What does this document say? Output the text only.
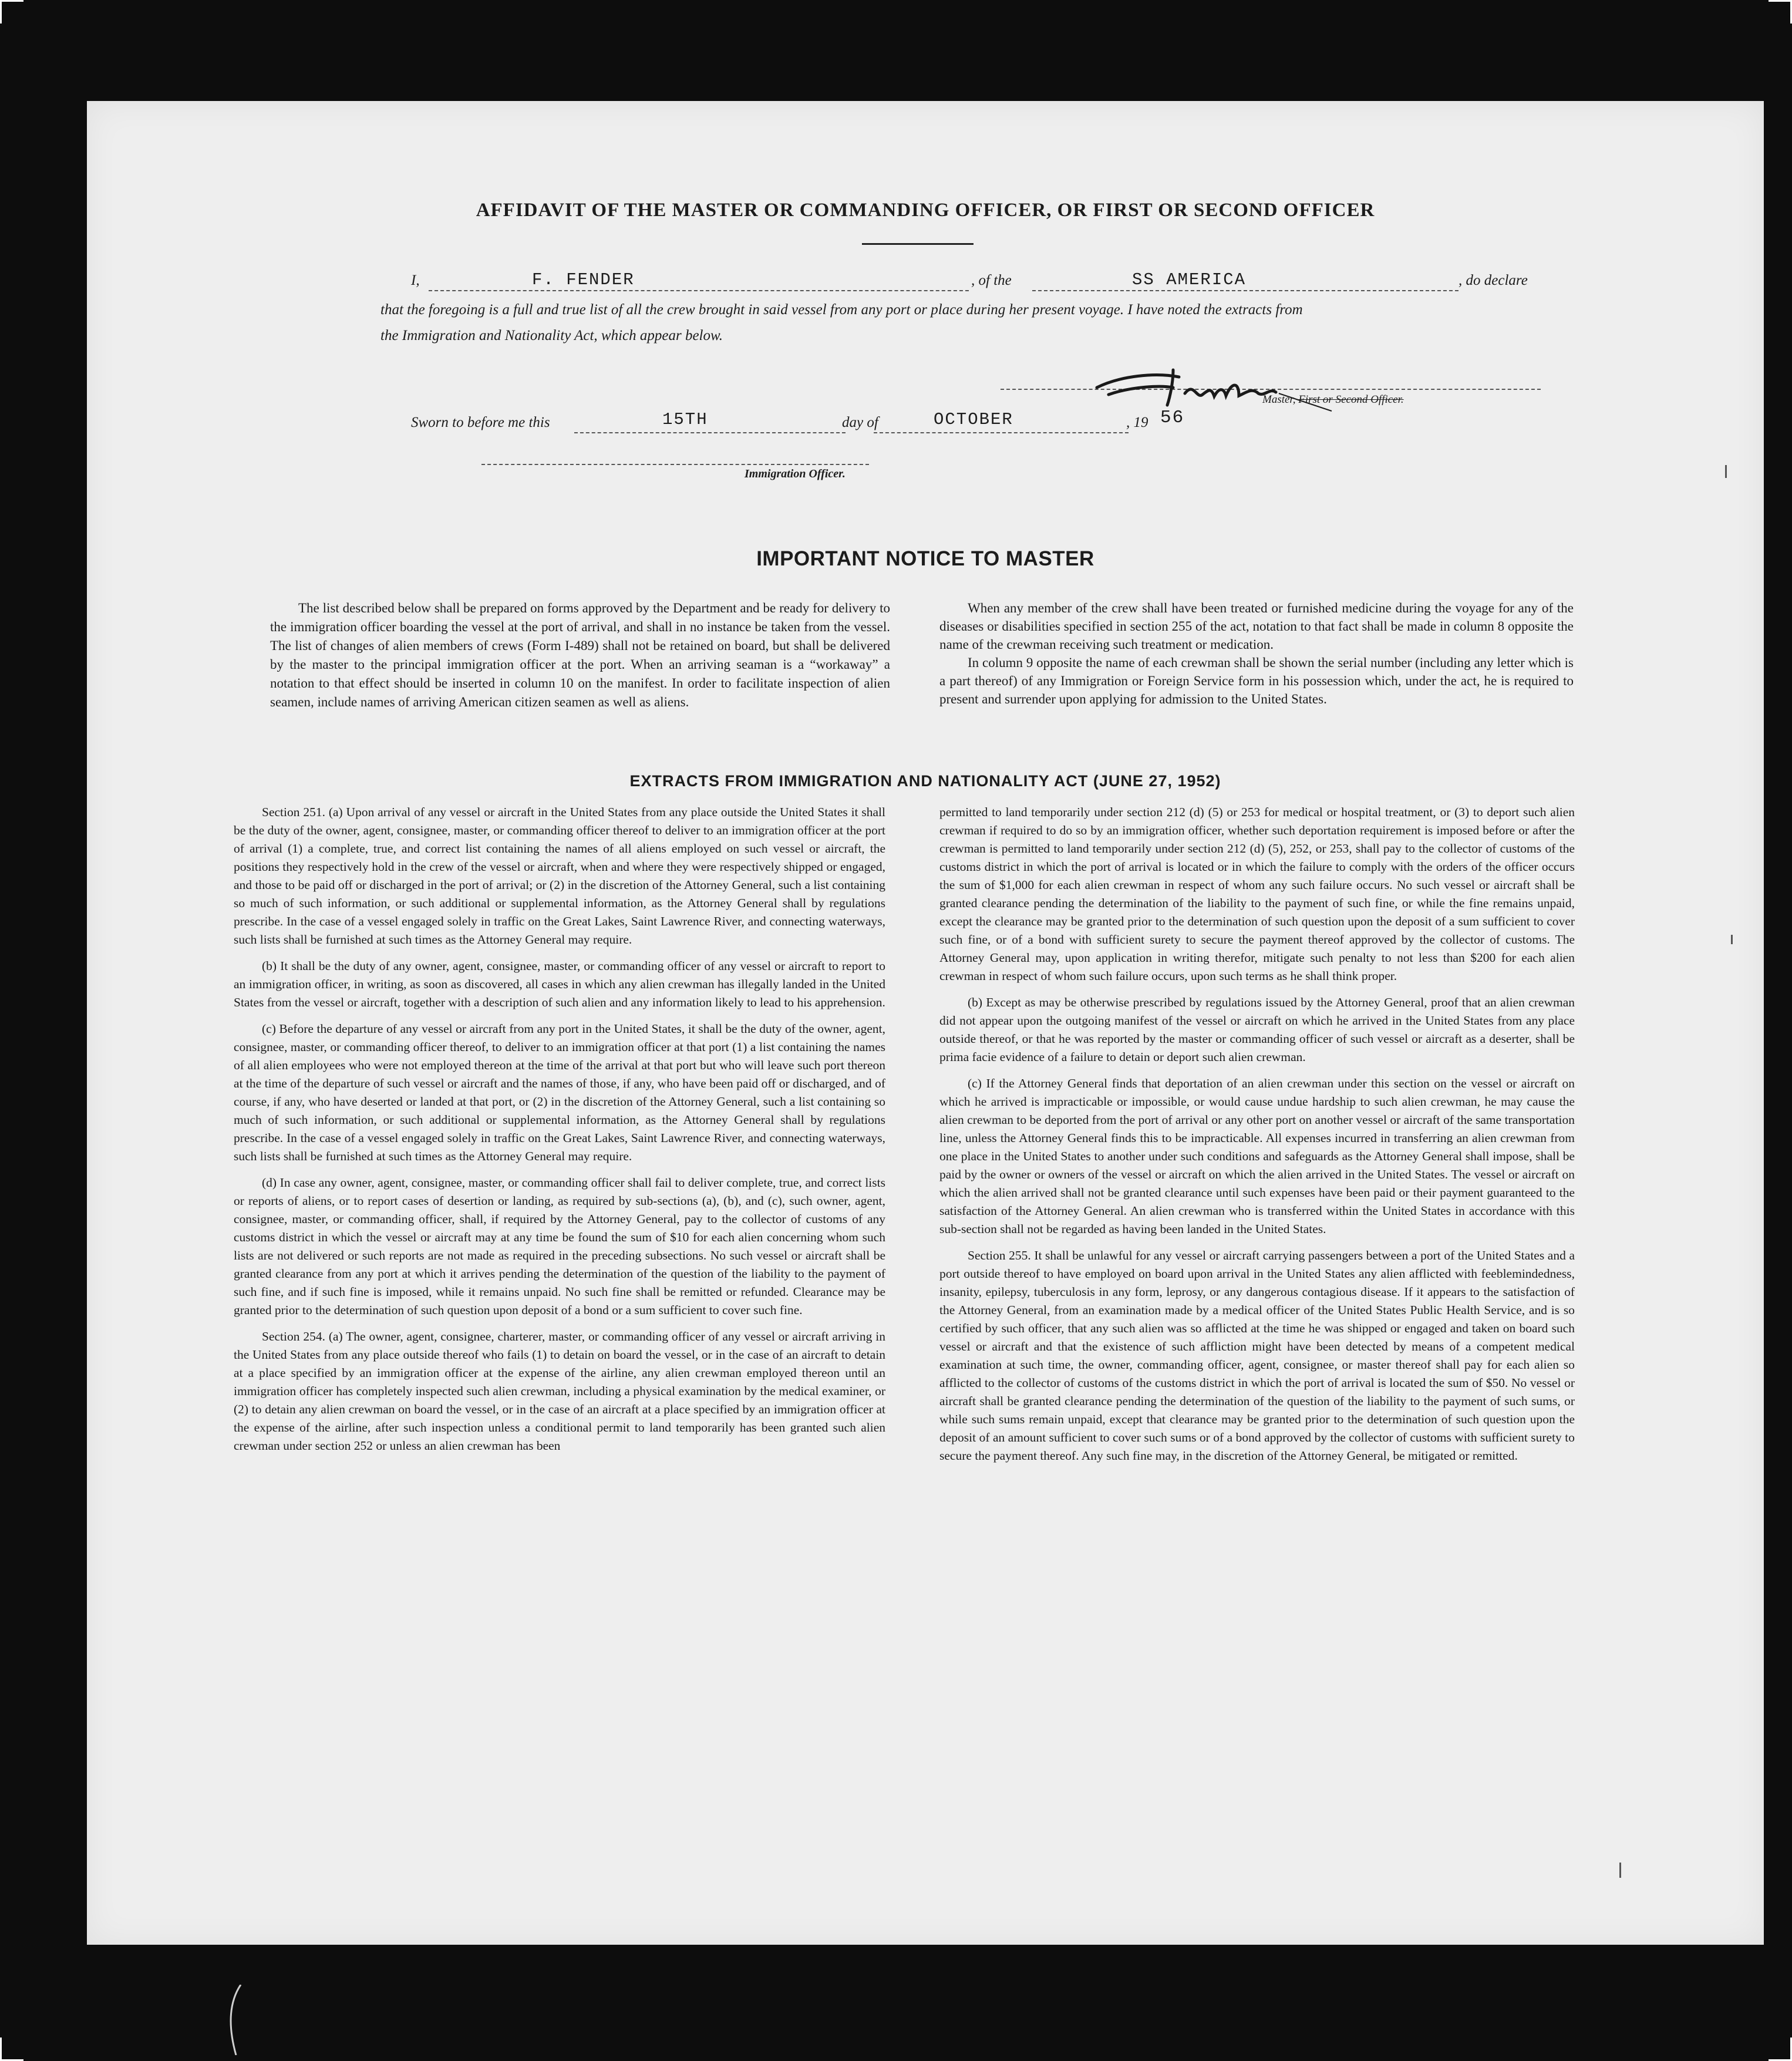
AFFIDAVIT OF THE MASTER OR COMMANDING OFFICER, OR FIRST OR SECOND OFFICER
I,	F. FENDER	, of the	SS AMERICA	, do declare
that the foregoing is a full and true list of all the crew brought in said vessel from any port or place during her present voyage. I have noted the extracts from
the Immigration and Nationality Act, which appear below.
Master, First or Second Officer.
Sworn to before me this	15TH	day of	OCTOBER	, 19 56
Immigration Officer.
IMPORTANT NOTICE TO MASTER

The list described below shall be prepared on forms approved by the Department and be ready for delivery to the immigration officer boarding the vessel at the port of arrival, and shall in no instance be taken from the vessel. The list of changes of alien members of crews (Form I-489) shall not be retained on board, but shall be delivered by the master to the principal immigration officer at the port. When an arriving seaman is a “workaway” a notation to that effect should be inserted in column 10 on the manifest. In order to facilitate inspection of alien seamen, include names of arriving American citizen seamen as well as aliens.

When any member of the crew shall have been treated or furnished medicine during the voyage for any of the diseases or disabilities specified in section 255 of the act, notation to that fact shall be made in column 8 opposite the name of the crewman receiving such treatment or medication.

In column 9 opposite the name of each crewman shall be shown the serial number (including any letter which is a part thereof) of any Immigration or Foreign Service form in his possession which, under the act, he is required to present and surrender upon applying for admission to the United States.

EXTRACTS FROM IMMIGRATION AND NATIONALITY ACT (JUNE 27, 1952)

Section 251. (a) Upon arrival of any vessel or aircraft in the United States from any place outside the United States it shall be the duty of the owner, agent, consignee, master, or commanding officer thereof to deliver to an immigration officer at the port of arrival (1) a complete, true, and correct list containing the names of all aliens employed on such vessel or aircraft, the positions they respectively hold in the crew of the vessel or aircraft, when and where they were respectively shipped or engaged, and those to be paid off or discharged in the port of arrival; or (2) in the discretion of the Attorney General, such a list containing so much of such information, or such additional or supplemental information, as the Attorney General shall by regulations prescribe. In the case of a vessel engaged solely in traffic on the Great Lakes, Saint Lawrence River, and connecting waterways, such lists shall be furnished at such times as the Attorney General may require.

(b) It shall be the duty of any owner, agent, consignee, master, or commanding officer of any vessel or aircraft to report to an immigration officer, in writing, as soon as discovered, all cases in which any alien crewman has illegally landed in the United States from the vessel or aircraft, together with a description of such alien and any information likely to lead to his apprehension.

(c) Before the departure of any vessel or aircraft from any port in the United States, it shall be the duty of the owner, agent, consignee, master, or commanding officer thereof, to deliver to an immigration officer at that port (1) a list containing the names of all alien employees who were not employed thereon at the time of the arrival at that port but who will leave such port thereon at the time of the departure of such vessel or aircraft and the names of those, if any, who have been paid off or discharged, and of course, if any, who have deserted or landed at that port, or (2) in the discretion of the Attorney General, such a list containing so much of such information, or such additional or supplemental information, as the Attorney General shall by regulations prescribe. In the case of a vessel engaged solely in traffic on the Great Lakes, Saint Lawrence River, and connecting waterways, such lists shall be furnished at such times as the Attorney General may require.

(d) In case any owner, agent, consignee, master, or commanding officer shall fail to deliver complete, true, and correct lists or reports of aliens, or to report cases of desertion or landing, as required by sub-sections (a), (b), and (c), such owner, agent, consignee, master, or commanding officer, shall, if required by the Attorney General, pay to the collector of customs of any customs district in which the vessel or aircraft may at any time be found the sum of $10 for each alien concerning whom such lists are not delivered or such reports are not made as required in the preceding subsections. No such vessel or aircraft shall be granted clearance from any port at which it arrives pending the determination of the question of the liability to the payment of such fine, and if such fine is imposed, while it remains unpaid. No such fine shall be remitted or refunded. Clearance may be granted prior to the determination of such question upon deposit of a bond or a sum sufficient to cover such fine.

Section 254. (a) The owner, agent, consignee, charterer, master, or commanding officer of any vessel or aircraft arriving in the United States from any place outside thereof who fails (1) to detain on board the vessel, or in the case of an aircraft to detain at a place specified by an immigration officer at the expense of the airline, any alien crewman employed thereon until an immigration officer has completely inspected such alien crewman, including a physical examination by the medical examiner, or (2) to detain any alien crewman on board the vessel, or in the case of an aircraft at a place specified by an immigration officer at the expense of the airline, after such inspection unless a conditional permit to land temporarily has been granted such alien crewman under section 252 or unless an alien crewman has been

permitted to land temporarily under section 212 (d) (5) or 253 for medical or hospital treatment, or (3) to deport such alien crewman if required to do so by an immigration officer, whether such deportation requirement is imposed before or after the crewman is permitted to land temporarily under section 212 (d) (5), 252, or 253, shall pay to the collector of customs of the customs district in which the port of arrival is located or in which the failure to comply with the orders of the officer occurs the sum of $1,000 for each alien crewman in respect of whom any such failure occurs. No such vessel or aircraft shall be granted clearance pending the determination of the liability to the payment of such fine, or while the fine remains unpaid, except the clearance may be granted prior to the determination of such question upon the deposit of a sum sufficient to cover such fine, or of a bond with sufficient surety to secure the payment thereof approved by the collector of customs. The Attorney General may, upon application in writing therefor, mitigate such penalty to not less than $200 for each alien crewman in respect of whom such failure occurs, upon such terms as he shall think proper.

(b) Except as may be otherwise prescribed by regulations issued by the Attorney General, proof that an alien crewman did not appear upon the outgoing manifest of the vessel or aircraft on which he arrived in the United States from any place outside thereof, or that he was reported by the master or commanding officer of such vessel or aircraft as a deserter, shall be prima facie evidence of a failure to detain or deport such alien crewman.

(c) If the Attorney General finds that deportation of an alien crewman under this section on the vessel or aircraft on which he arrived is impracticable or impossible, or would cause undue hardship to such alien crewman, he may cause the alien crewman to be deported from the port of arrival or any other port on another vessel or aircraft of the same transportation line, unless the Attorney General finds this to be impracticable. All expenses incurred in transferring an alien crewman from one place in the United States to another under such conditions and safeguards as the Attorney General shall impose, shall be paid by the owner or owners of the vessel or aircraft on which the alien arrived in the United States. The vessel or aircraft on which the alien arrived shall not be granted clearance until such expenses have been paid or their payment guaranteed to the satisfaction of the Attorney General. An alien crewman who is transferred within the United States in accordance with this sub-section shall not be regarded as having been landed in the United States.

Section 255. It shall be unlawful for any vessel or aircraft carrying passengers between a port of the United States and a port outside thereof to have employed on board upon arrival in the United States any alien afflicted with feeblemindedness, insanity, epilepsy, tuberculosis in any form, leprosy, or any dangerous contagious disease. If it appears to the satisfaction of the Attorney General, from an examination made by a medical officer of the United States Public Health Service, and is so certified by such officer, that any such alien was so afflicted at the time he was shipped or engaged and taken on board such vessel or aircraft and that the existence of such affliction might have been detected by means of a competent medical examination at such time, the owner, commanding officer, agent, consignee, or master thereof shall pay for each alien so afflicted to the collector of customs of the customs district in which the port of arrival is located the sum of $50. No vessel or aircraft shall be granted clearance pending the determination of the question of the liability to the payment of such sums, or while such sums remain unpaid, except that clearance may be granted prior to the determination of such question upon the deposit of an amount sufficient to cover such sums or of a bond approved by the collector of customs with sufficient surety to secure the payment thereof. Any such fine may, in the discretion of the Attorney General, be mitigated or remitted.
